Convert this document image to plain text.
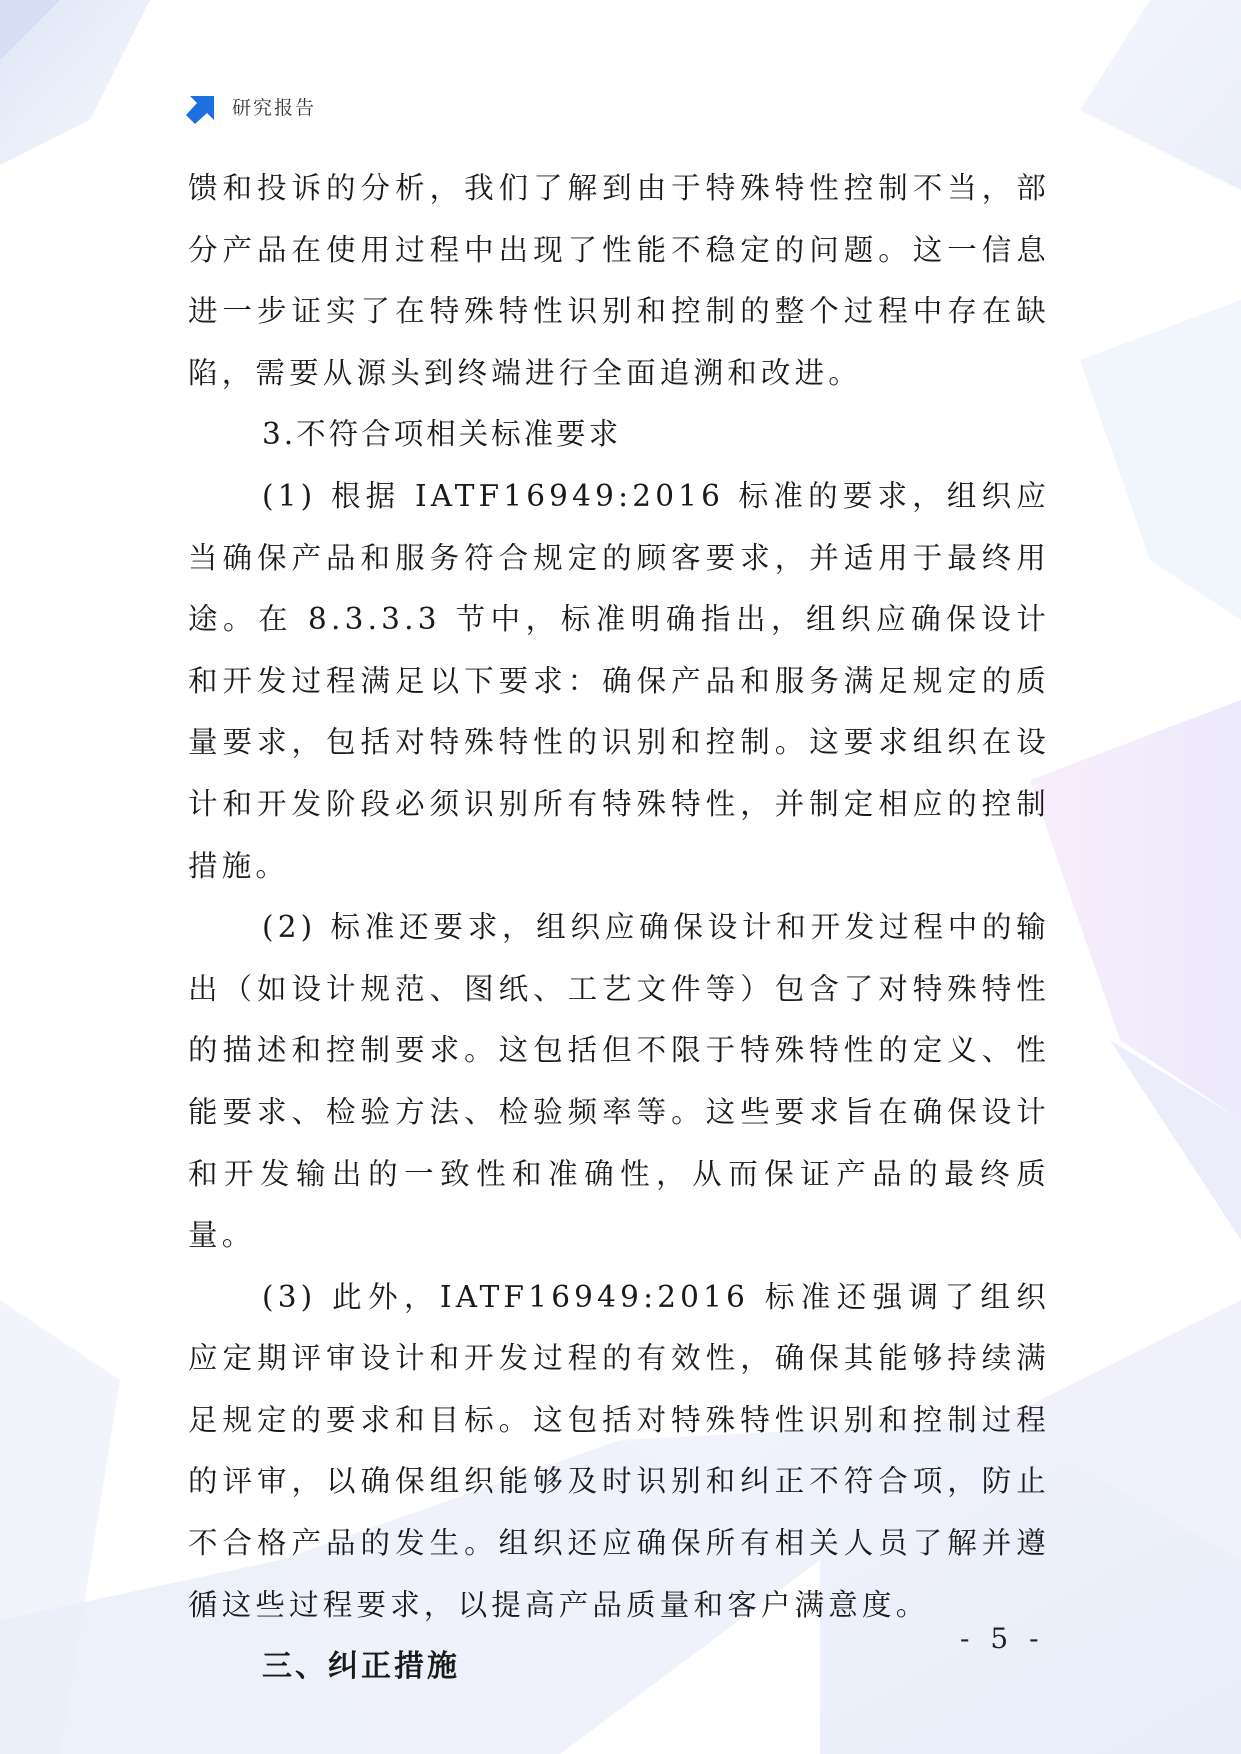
研究报告

馈和投诉的分析，我们了解到由于特殊特性控制不当，部分产品在使用过程中出现了性能不稳定的问题。这一信息进一步证实了在特殊特性识别和控制的整个过程中存在缺陷，需要从源头到终端进行全面追溯和改进。

3.不符合项相关标准要求

(1) 根据 IATF16949:2016 标准的要求，组织应当确保产品和服务符合规定的顾客要求，并适用于最终用途。在 8.3.3.3 节中，标准明确指出，组织应确保设计和开发过程满足以下要求：确保产品和服务满足规定的质量要求，包括对特殊特性的识别和控制。这要求组织在设计和开发阶段必须识别所有特殊特性，并制定相应的控制措施。

(2) 标准还要求，组织应确保设计和开发过程中的输出（如设计规范、图纸、工艺文件等）包含了对特殊特性的描述和控制要求。这包括但不限于特殊特性的定义、性能要求、检验方法、检验频率等。这些要求旨在确保设计和开发输出的一致性和准确性，从而保证产品的最终质量。

(3) 此外，IATF16949:2016 标准还强调了组织应定期评审设计和开发过程的有效性，确保其能够持续满足规定的要求和目标。这包括对特殊特性识别和控制过程的评审，以确保组织能够及时识别和纠正不符合项，防止不合格产品的发生。组织还应确保所有相关人员了解并遵循这些过程要求，以提高产品质量和客户满意度。

三、纠正措施

- 5 -
